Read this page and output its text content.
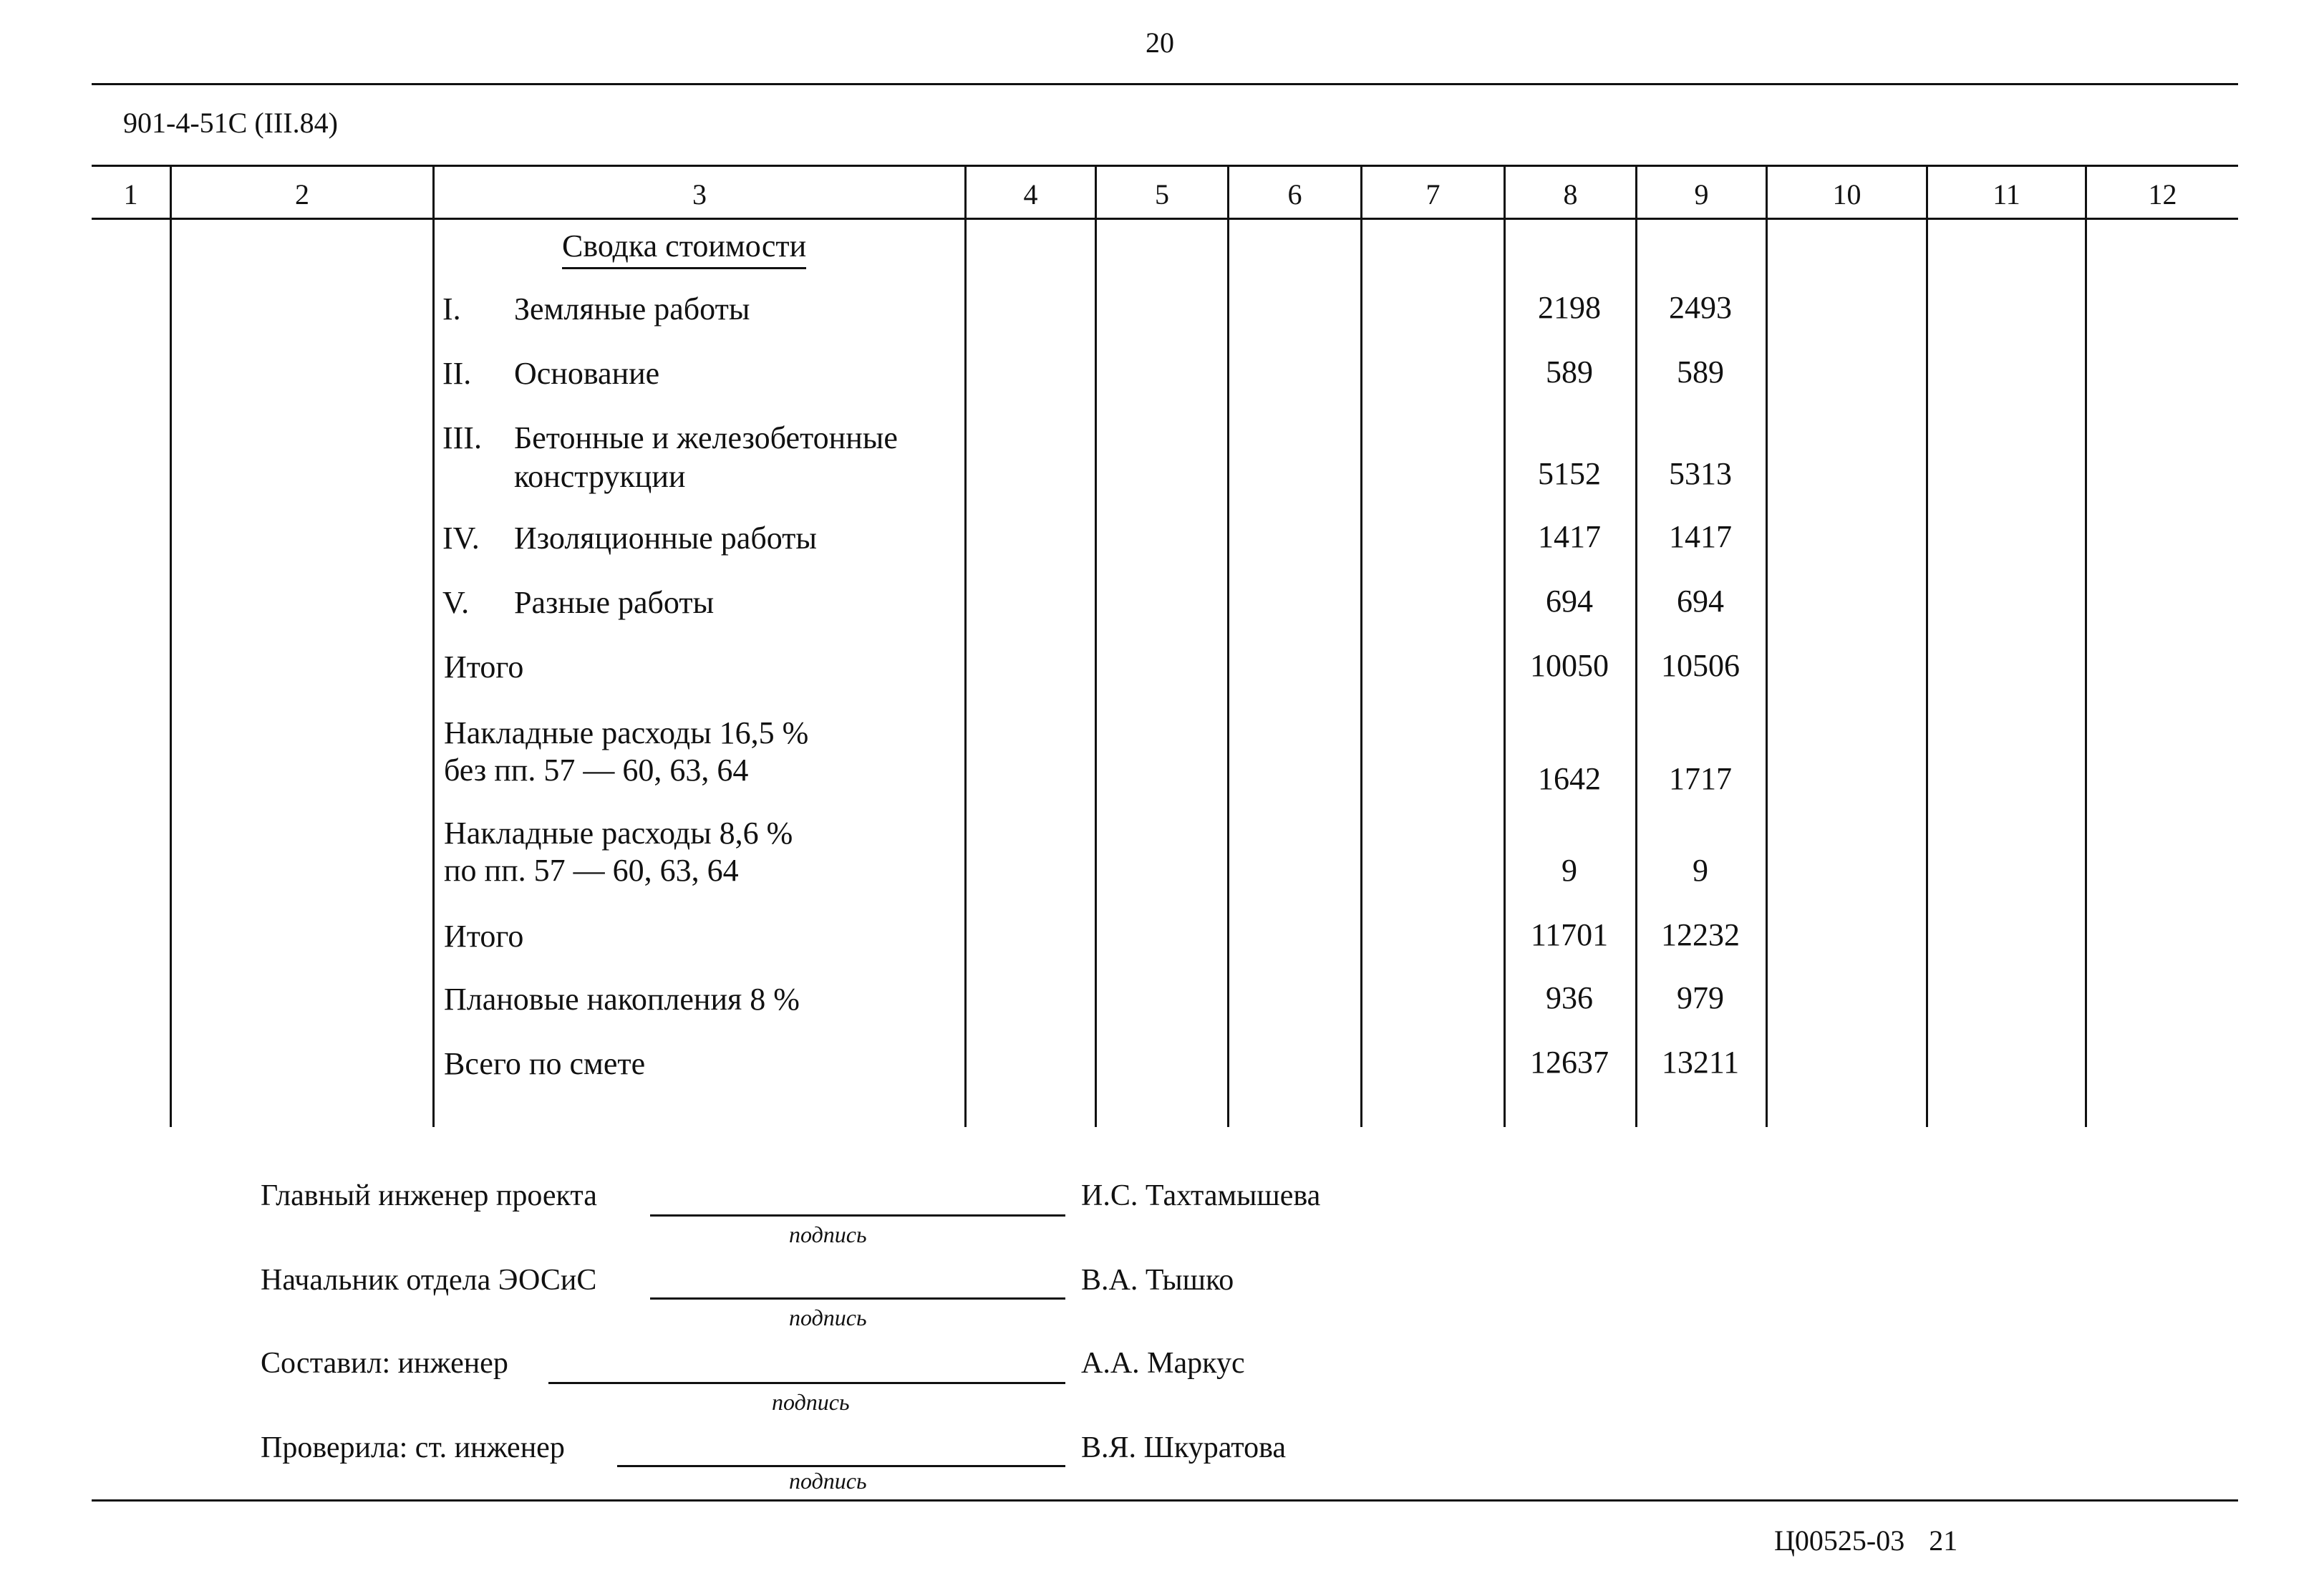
20
901-4-51С (III.84)
1	2	3	4	5	6	7	8	9	10	11	12
Сводка стоимости
I. Земляные работы	2198	2493
II. Основание	589	589
III. Бетонные и железобетонные
конструкции	5152	5313
IV. Изоляционные работы	1417	1417
V. Разные работы	694	694
Итого	10050	10506
Накладные расходы 16,5 %
без пп. 57 — 60, 63, 64	1642	1717
Накладные расходы 8,6 %
по пп. 57 — 60, 63, 64	9	9
Итого	11701	12232
Плановые накопления 8 %	936	979
Всего по смете	12637	13211
Главный инженер проекта
подпись
И.С. Тахтамышева
Начальник отдела ЭОСиС
подпись
В.А. Тышко
Составил: инженер
подпись
А.А. Маркус
Проверила: ст. инженер
подпись
В.Я. Шкуратова
Ц00525-03 21
